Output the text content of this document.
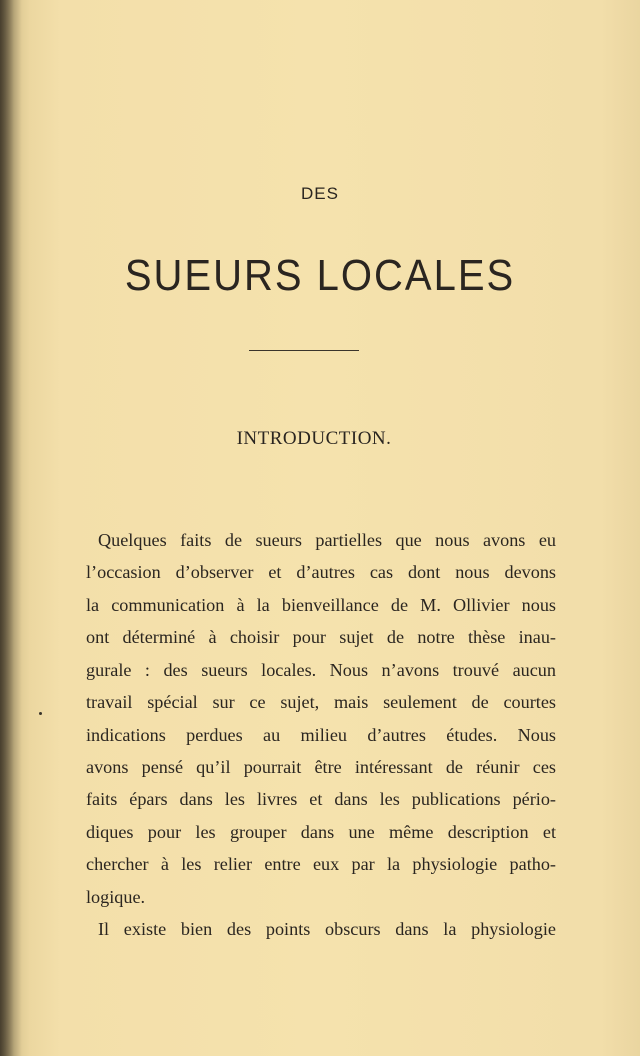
DES
SUEURS LOCALES
INTRODUCTION.
Quelques faits de sueurs partielles que nous avons eu
l’occasion d’observer et d’autres cas dont nous devons
la communication à la bienveillance de M. Ollivier nous
ont déterminé à choisir pour sujet de notre thèse inau-
gurale : des sueurs locales. Nous n’avons trouvé aucun
travail spécial sur ce sujet, mais seulement de courtes
indications perdues au milieu d’autres études. Nous
avons pensé qu’il pourrait être intéressant de réunir ces
faits épars dans les livres et dans les publications pério-
diques pour les grouper dans une même description et
chercher à les relier entre eux par la physiologie patho-
logique.
Il existe bien des points obscurs dans la physiologie
